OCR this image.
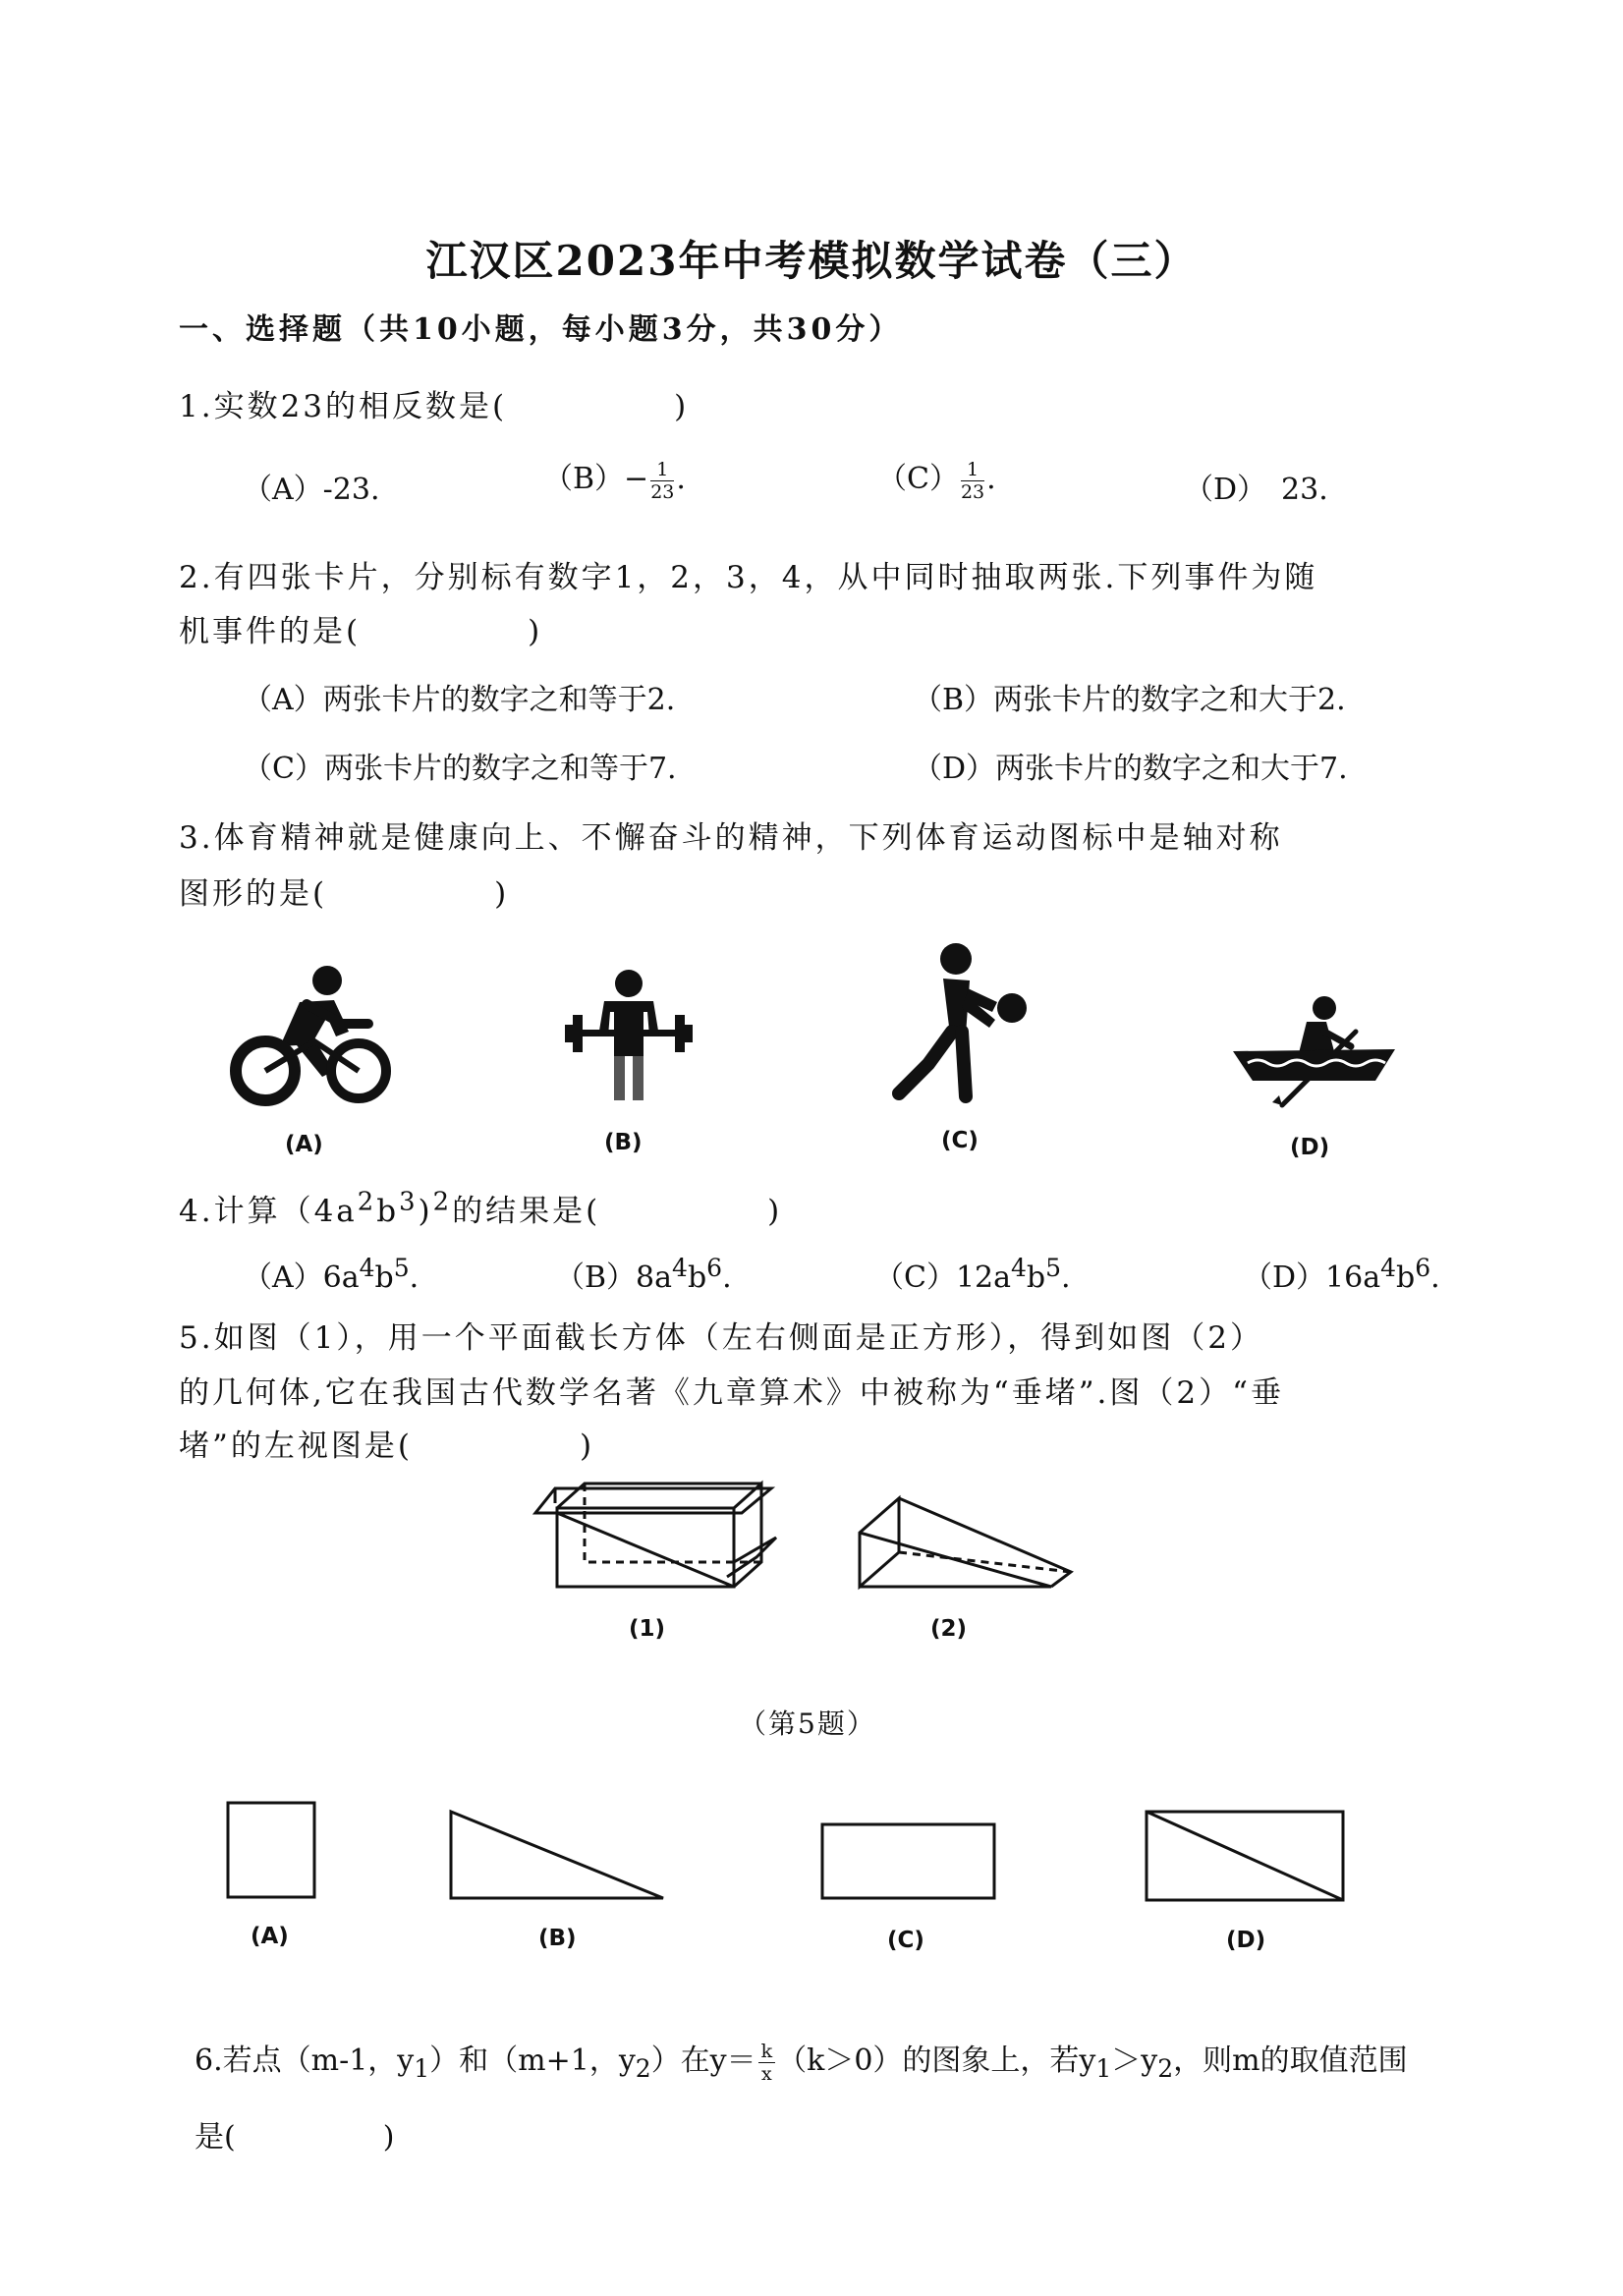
江汉区2023年中考模拟数学试卷（三）
一、选择题（共10小题，每小题3分，共30分）
1.实数23的相反数是(　　　　　)
（A）-23.	$(B)- \frac{1}{23}$ .	$(C) \frac{1}{23}$ .	（D）　23.
2.有四张卡片，分别标有数字1，2，3，4，从中同时抽取两张.下列事件为随
机事件的是(　　　　　)
（A）两张卡片的数字之和等于2.	（B）两张卡片的数字之和大于2.
（C）两张卡片的数字之和等于7.	（D）两张卡片的数字之和大于7.
3.体育精神就是健康向上、不懈奋斗的精神，下列体育运动图标中是轴对称
图形的是(　　　　　)
(A)	(B)	(C)	(D)
4.计算$(4a^2b^3)^2$的结果是(　　　　　)
$(A)6a^4b^5$.	$(B)8a^4b^6$.	$(C)12a^4b^5$.	$(D)16a^4b^6$.
5.如图（1），用一个平面截长方体（左右侧面是正方形），得到如图（2）
的几何体,它在我国古代数学名著《九章算术》中被称为“垂堵”.图（2）“垂
堵”的左视图是(　　　　　)
(1)	(2)
（第5题）
(A)	(B)	(C)	(D)
6.若点（m-1，$y_1$）和（m+1，$y_2$）在$y= \frac{k}{x} (k>0)$的图象上，若$y_1>y_2$，则m的取值范围
是(　　　　　)
